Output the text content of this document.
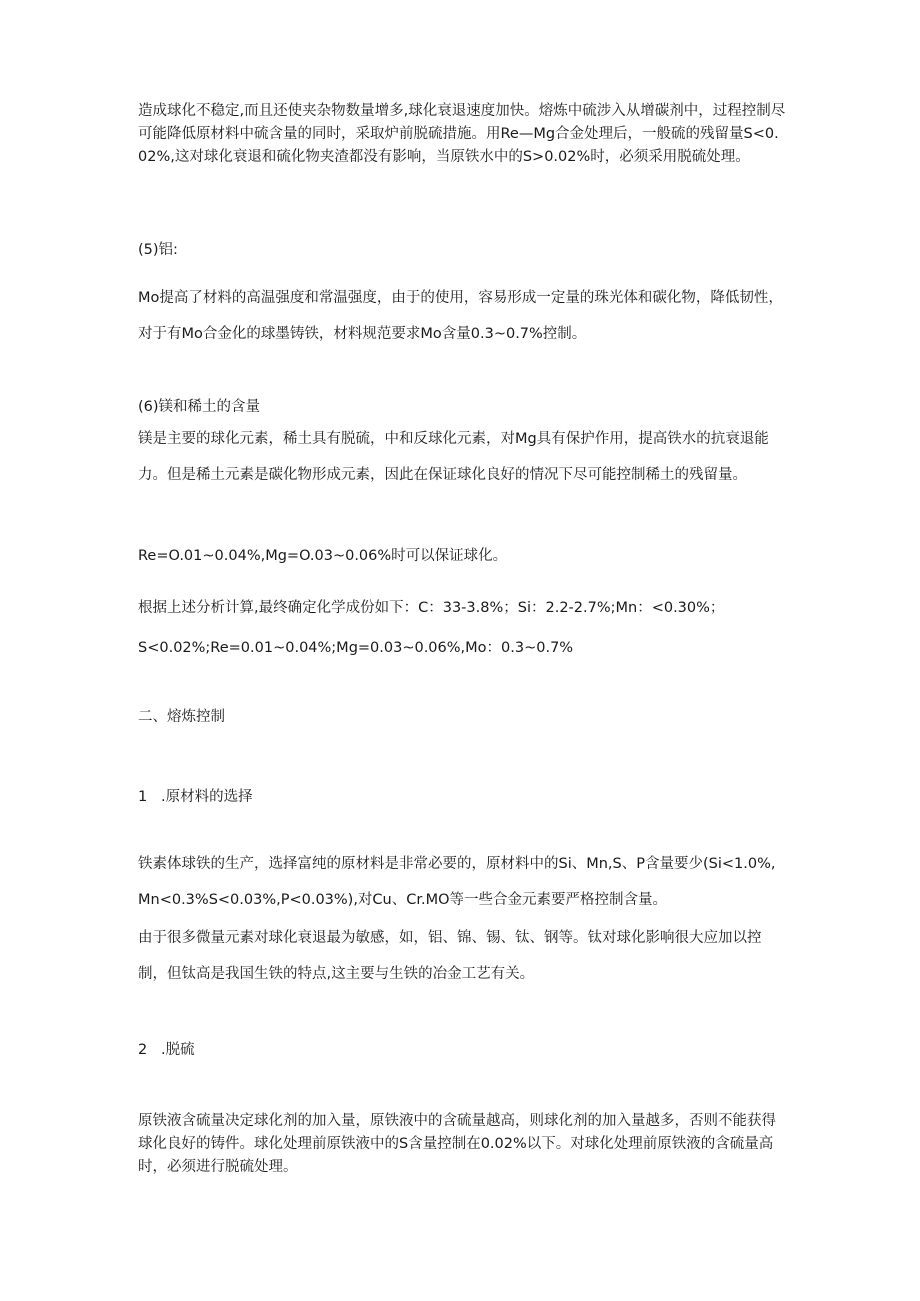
造成球化不稳定,而且还使夹杂物数量增多,球化衰退速度加快。熔炼中硫涉入从增碳剂中，过程控制尽可能降低原材料中硫含量的同时，采取炉前脱硫措施。用Re—Mg合金处理后，一般硫的残留量S<0.02%,这对球化衰退和硫化物夹渣都没有影响，当原铁水中的S>0.02%时，必须采用脱硫处理。

(5)铝:

Mo提高了材料的高温强度和常温强度，由于的使用，容易形成一定量的珠光体和碳化物，降低韧性，对于有Mo合金化的球墨铸铁，材料规范要求Mo含量0.3~0.7%控制。

(6)镁和稀土的含量

镁是主要的球化元素，稀土具有脱硫，中和反球化元素，对Mg具有保护作用，提高铁水的抗衰退能力。但是稀土元素是碳化物形成元素，因此在保证球化良好的情况下尽可能控制稀土的残留量。

Re=O.01~0.04%,Mg=O.03~0.06%时可以保证球化。

根据上述分析计算,最终确定化学成份如下：C：33-3.8%；Si：2.2-2.7%;Mn：<0.30%；

S<0.02%;Re=0.01~0.04%;Mg=0.03~0.06%,Mo：0.3~0.7%

二、熔炼控制

1   .原材料的选择

铁素体球铁的生产，选择富纯的原材料是非常必要的，原材料中的Si、Mn,S、P含量要少(Si<1.0%,Mn<0.3%S<0.03%,P<0.03%),对Cu、Cr.MO等一些合金元素要严格控制含量。

由于很多微量元素对球化衰退最为敏感，如，铝、锦、锡、钛、钢等。钛对球化影响很大应加以控制，但钛高是我国生铁的特点,这主要与生铁的冶金工艺有关。

2   .脱硫

原铁液含硫量决定球化剂的加入量，原铁液中的含硫量越高，则球化剂的加入量越多，否则不能获得球化良好的铸件。球化处理前原铁液中的S含量控制在0.02%以下。对球化处理前原铁液的含硫量高时，必须进行脱硫处理。
